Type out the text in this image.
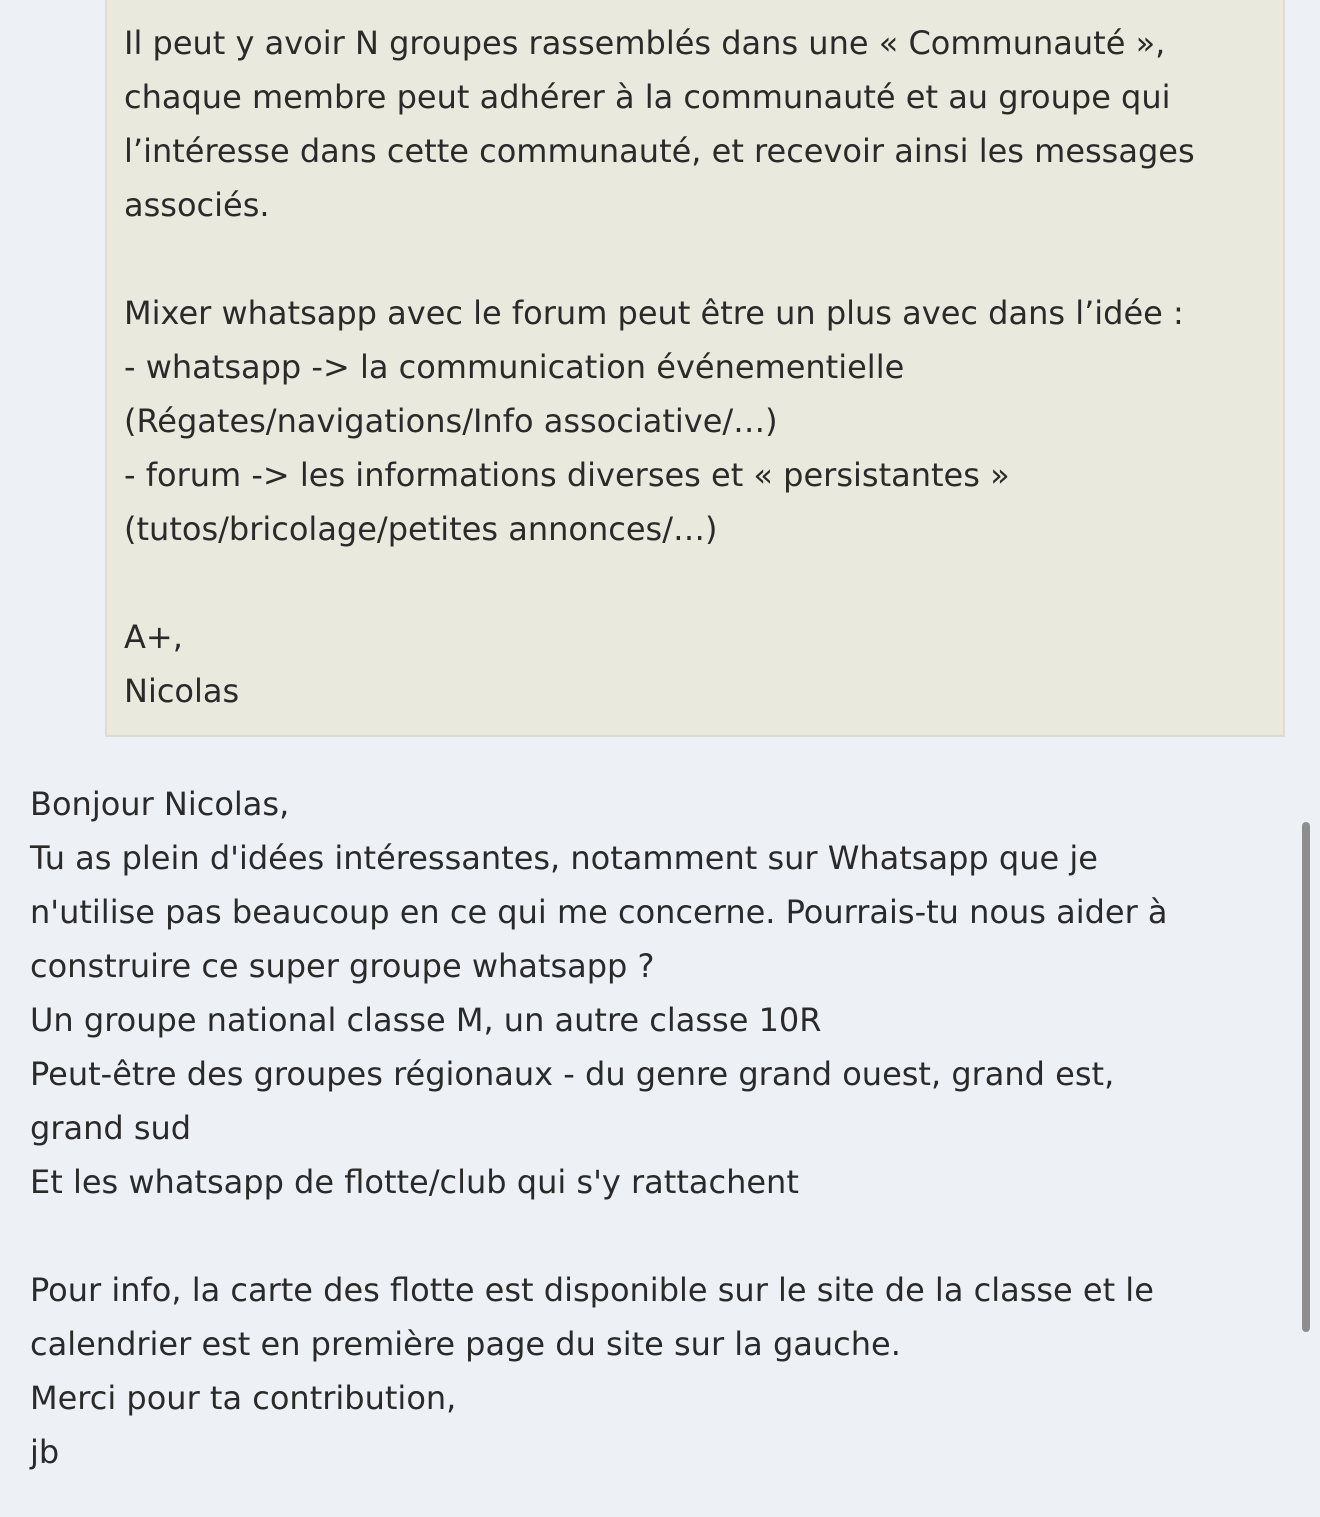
Il peut y avoir N groupes rassemblés dans une « Communauté »,
chaque membre peut adhérer à la communauté et au groupe qui
l’intéresse dans cette communauté, et recevoir ainsi les messages
associés.
Mixer whatsapp avec le forum peut être un plus avec dans l’idée :
- whatsapp -> la communication événementielle
(Régates/navigations/Info associative/…)
- forum -> les informations diverses et « persistantes »
(tutos/bricolage/petites annonces/…)
A+,
Nicolas
Bonjour Nicolas,
Tu as plein d'idées intéressantes, notamment sur Whatsapp que je
n'utilise pas beaucoup en ce qui me concerne. Pourrais-tu nous aider à
construire ce super groupe whatsapp ?
Un groupe national classe M, un autre classe 10R
Peut-être des groupes régionaux - du genre grand ouest, grand est,
grand sud
Et les whatsapp de flotte/club qui s'y rattachent
Pour info, la carte des flotte est disponible sur le site de la classe et le
calendrier est en première page du site sur la gauche.
Merci pour ta contribution,
jb
